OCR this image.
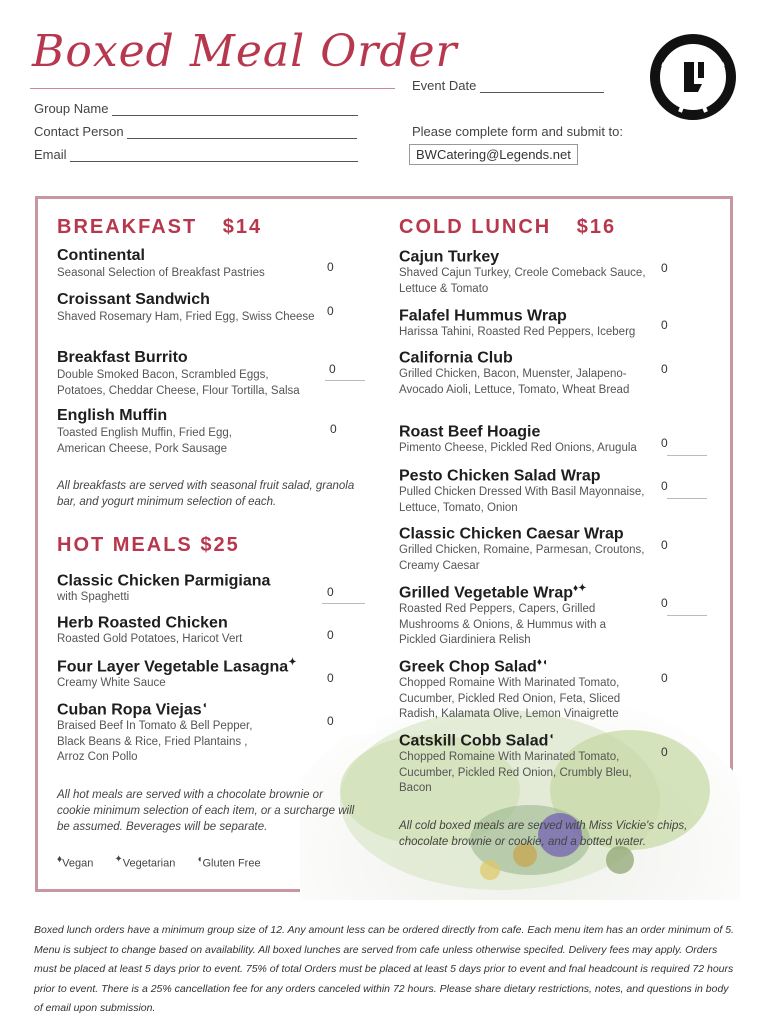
Boxed Meal Order
Event Date
Group Name
Contact Person
Email
Please complete form and submit to:
BWCatering@Legends.net
BREAKFAST $14
Continental
Seasonal Selection of Breakfast Pastries	0
Croissant Sandwich
Shaved Rosemary Ham, Fried Egg, Swiss Cheese	0
Breakfast Burrito
Double Smoked Bacon, Scrambled Eggs, Potatoes, Cheddar Cheese, Flour Tortilla, Salsa
0
English Muffin
Toasted English Muffin, Fried Egg, American Cheese, Pork Sausage
0
All breakfasts are served with seasonal fruit salad, granola bar, and yogurt minimum selection of each.
HOT MEALS $25
Classic Chicken Parmigiana
with Spaghetti	0
Herb Roasted Chicken
Roasted Gold Potatoes, Haricot Vert	0
Four Layer Vegetable Lasagna✦
Creamy White Sauce	0
Cuban Ropa Viejas◖
Braised Beef In Tomato & Bell Pepper, Black Beans & Rice, Fried Plantains , Arroz Con Pollo
0
All hot meals are served with a chocolate brownie or cookie minimum selection of each item, or a surcharge will be assumed. Beverages will be separate.
♦Vegan ✦Vegetarian ◖Gluten Free
COLD LUNCH $16
Cajun Turkey
Shaved Cajun Turkey, Creole Comeback Sauce, Lettuce & Tomato
0
Falafel Hummus Wrap
Harissa Tahini, Roasted Red Peppers, Iceberg	0
California Club
Grilled Chicken, Bacon, Muenster, Jalapeno- Avocado Aioli, Lettuce, Tomato, Wheat Bread
0
Roast Beef Hoagie
Pimento Cheese, Pickled Red Onions, Arugula	0
Pesto Chicken Salad Wrap
Pulled Chicken Dressed With Basil Mayonnaise, Lettuce, Tomato, Onion
0
Classic Chicken Caesar Wrap
Grilled Chicken, Romaine, Parmesan, Croutons, Creamy Caesar
0
Grilled Vegetable Wrap♦✦
Roasted Red Peppers, Capers, Grilled Mushrooms & Onions, & Hummus with a Pickled Giardiniera Relish
0
Greek Chop Salad♦◖
Chopped Romaine With Marinated Tomato, Cucumber, Pickled Red Onion, Feta, Sliced Radish, Kalamata Olive, Lemon Vinaigrette
0
Catskill Cobb Salad◖
Chopped Romaine With Marinated Tomato, Cucumber, Pickled Red Onion, Crumbly Bleu, Bacon
0
All cold boxed meals are served with Miss Vickie's chips, chocolate brownie or cookie, and a botted water.
Boxed lunch orders have a minimum group size of 12. Any amount less can be ordered directly from cafe. Each menu item has an order minimum of 5. Menu is subject to change based on availability. All boxed lunches are served from cafe unless otherwise specifed. Delivery fees may apply. Orders must be placed at least 5 days prior to event. 75% of total Orders must be placed at least 5 days prior to event and fnal headcount is required 72 hours prior to event. There is a 25% cancellation fee for any orders canceled within 72 hours. Please share dietary restrictions, notes, and questions in body of email upon submission.
